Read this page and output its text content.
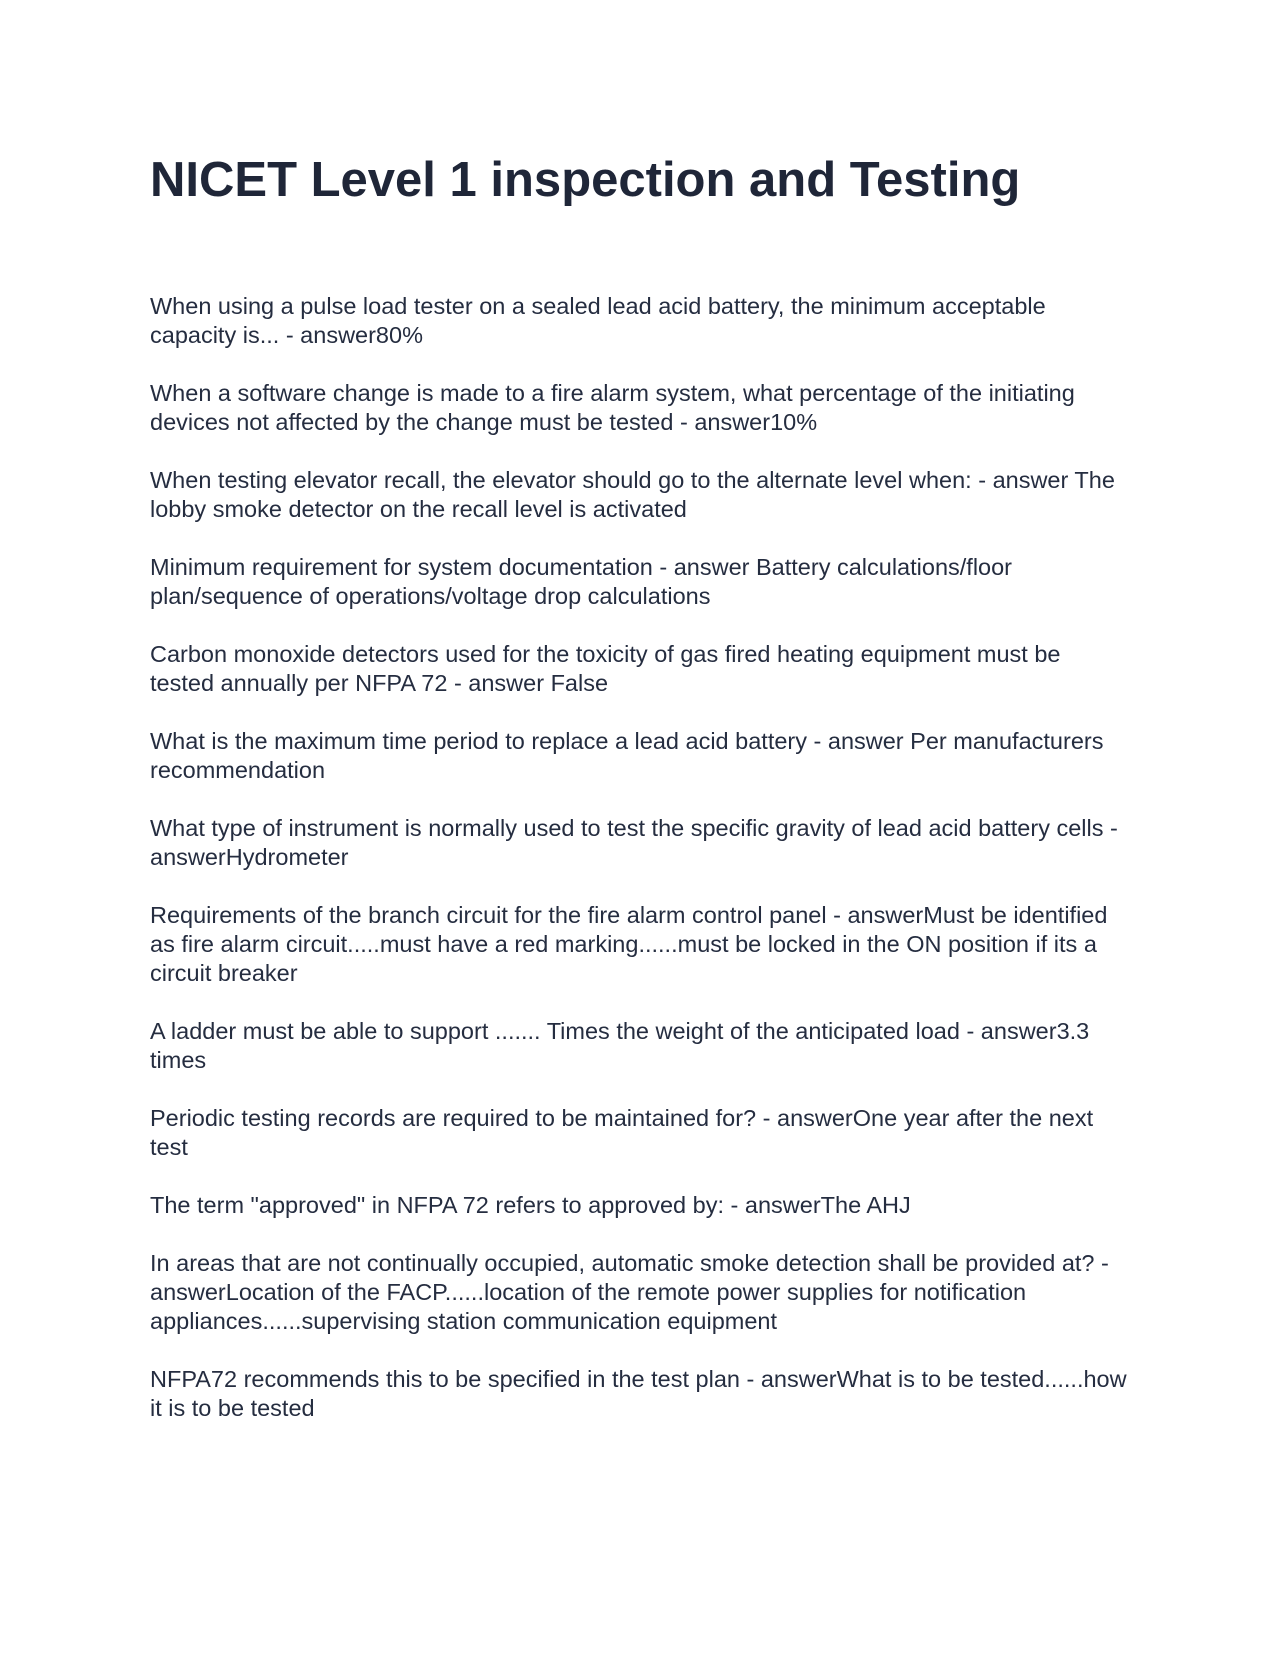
NICET Level 1 inspection and Testing
When using a pulse load tester on a sealed lead acid battery, the minimum acceptable capacity is... - answer80%
When a software change is made to a fire alarm system, what percentage of the initiating devices not affected by the change must be tested - answer10%
When testing elevator recall, the elevator should go to the alternate level when: - answer The lobby smoke detector on the recall level is activated
Minimum requirement for system documentation - answer Battery calculations/floor plan/sequence of operations/voltage drop calculations
Carbon monoxide detectors used for the toxicity of gas fired heating equipment must be tested annually per NFPA 72 - answer False
What is the maximum time period to replace a lead acid battery - answer Per manufacturers recommendation
What type of instrument is normally used to test the specific gravity of lead acid battery cells - answerHydrometer
Requirements of the branch circuit for the fire alarm control panel - answerMust be identified as fire alarm circuit.....must have a red marking......must be locked in the ON position if its a circuit breaker
A ladder must be able to support ....... Times the weight of the anticipated load - answer3.3 times
Periodic testing records are required to be maintained for? - answerOne year after the next test
The term "approved" in NFPA 72 refers to approved by: - answerThe AHJ
In areas that are not continually occupied, automatic smoke detection shall be provided at? - answerLocation of the FACP......location of the remote power supplies for notification appliances......supervising station communication equipment
NFPA72 recommends this to be specified in the test plan - answerWhat is to be tested......how it is to be tested
